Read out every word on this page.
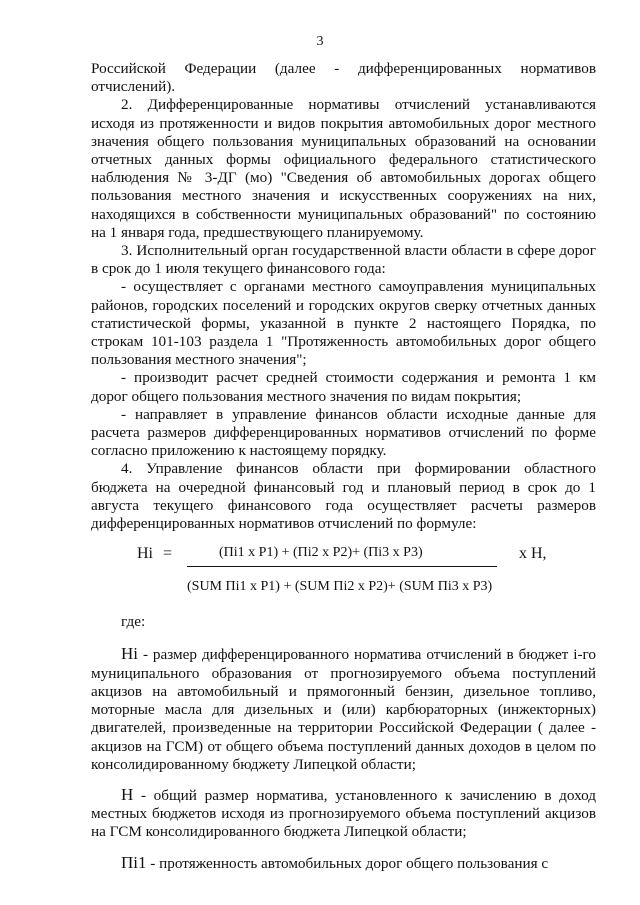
3

Российской Федерации (далее - дифференцированных нормативов отчислений).

2. Дифференцированные нормативы отчислений устанавливаются исходя из протяженности и видов покрытия автомобильных дорог местного значения общего пользования муниципальных образований на основании отчетных данных формы официального федерального статистического наблюдения № 3-ДГ (мо) "Сведения об автомобильных дорогах общего пользования местного значения и искусственных сооружениях на них, находящихся в собственности муниципальных образований" по состоянию на 1 января года, предшествующего планируемому.

3. Исполнительный орган государственной власти области в сфере дорог в срок до 1 июля текущего финансового года:

- осуществляет с органами местного самоуправления муниципальных районов, городских поселений и городских округов сверку отчетных данных статистической формы, указанной в пункте 2 настоящего Порядка, по строкам 101-103 раздела 1 "Протяженность автомобильных дорог общего пользования местного значения";

- производит расчет средней стоимости содержания и ремонта 1 км дорог общего пользования местного значения по видам покрытия;

- направляет в управление финансов области исходные данные для расчета размеров дифференцированных нормативов отчислений по форме согласно приложению к настоящему порядку.

4. Управление финансов области при формировании областного бюджета на очередной финансовый год и плановый период в срок до 1 августа текущего финансового года осуществляет расчеты размеров дифференцированных нормативов отчислений по формуле:

Нi =	(Пi1 х Р1) + (Пi2 х Р2)+ (Пi3 х Р3)	х Н,
(SUM Пi1 х Р1) + (SUM Пi2 х Р2)+ (SUM Пi3 х Р3)

где:

Нi - размер дифференцированного норматива отчислений в бюджет i-го муниципального образования от прогнозируемого объема поступлений акцизов на автомобильный и прямогонный бензин, дизельное топливо, моторные масла для дизельных и (или) карбюраторных (инжекторных) двигателей, произведенные на территории Российской Федерации ( далее - акцизов на ГСМ) от общего объема поступлений данных доходов в целом по консолидированному бюджету Липецкой области;

Н - общий размер норматива, установленного к зачислению в доход местных бюджетов исходя из прогнозируемого объема поступлений акцизов на ГСМ консолидированного бюджета Липецкой области;

Пi1 - протяженность автомобильных дорог общего пользования с
